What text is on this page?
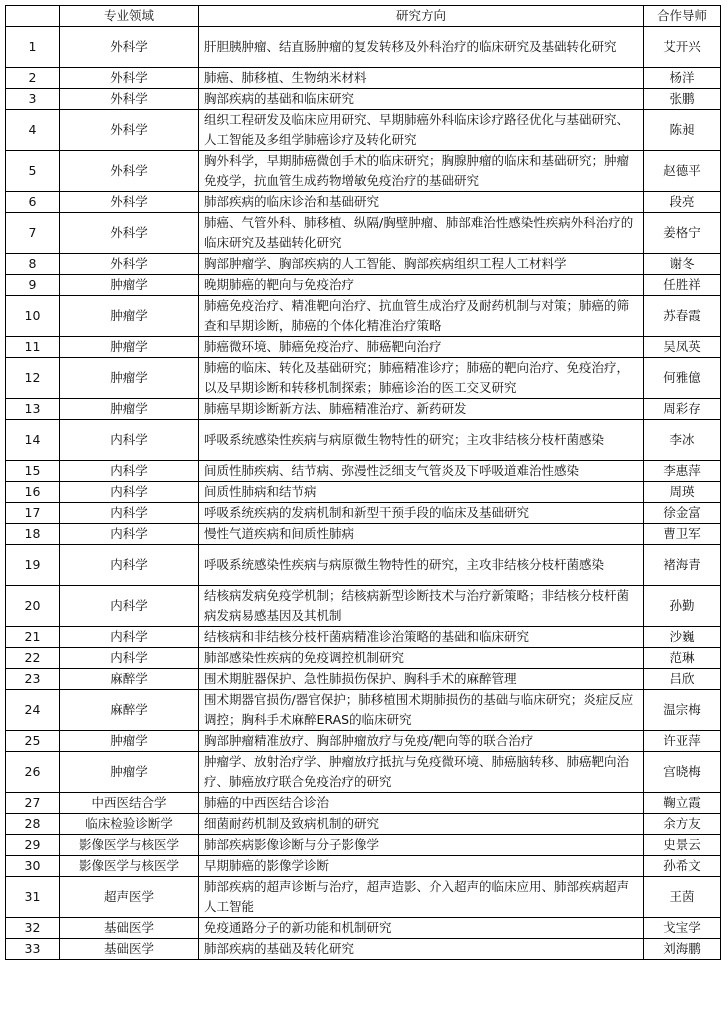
	专业领域	研究方向	合作导师
1	外科学	肝胆胰肿瘤、结直肠肿瘤的复发转移及外科治疗的临床研究及基础转化研究	艾开兴
2	外科学	肺癌、肺移植、生物纳米材料	杨洋
3	外科学	胸部疾病的基础和临床研究	张鹏
4	外科学	组织工程研发及临床应用研究、早期肺癌外科临床诊疗路径优化与基础研究、人工智能及多组学肺癌诊疗及转化研究	陈昶
5	外科学	胸外科学，早期肺癌微创手术的临床研究；胸腺肿瘤的临床和基础研究；肿瘤免疫学，抗血管生成药物增敏免疫治疗的基础研究	赵德平
6	外科学	肺部疾病的临床诊治和基础研究	段亮
7	外科学	肺癌、气管外科、肺移植、纵隔/胸壁肿瘤、肺部难治性感染性疾病外科治疗的临床研究及基础转化研究	姜格宁
8	外科学	胸部肿瘤学、胸部疾病的人工智能、胸部疾病组织工程人工材料学	谢冬
9	肿瘤学	晚期肺癌的靶向与免疫治疗	任胜祥
10	肿瘤学	肺癌免疫治疗、精准靶向治疗、抗血管生成治疗及耐药机制与对策；肺癌的筛查和早期诊断，肺癌的个体化精准治疗策略	苏春霞
11	肿瘤学	肺癌微环境、肺癌免疫治疗、肺癌靶向治疗	吴凤英
12	肿瘤学	肺癌的临床、转化及基础研究；肺癌精准诊疗；肺癌的靶向治疗、免疫治疗，以及早期诊断和转移机制探索；肺癌诊治的医工交叉研究	何雅億
13	肿瘤学	肺癌早期诊断新方法、肺癌精准治疗、新药研发	周彩存
14	内科学	呼吸系统感染性疾病与病原微生物特性的研究；主攻非结核分枝杆菌感染	李冰
15	内科学	间质性肺疾病、结节病、弥漫性泛细支气管炎及下呼吸道难治性感染	李惠萍
16	内科学	间质性肺病和结节病	周瑛
17	内科学	呼吸系统疾病的发病机制和新型干预手段的临床及基础研究	徐金富
18	内科学	慢性气道疾病和间质性肺病	曹卫军
19	内科学	呼吸系统感染性疾病与病原微生物特性的研究，主攻非结核分枝杆菌感染	褚海青
20	内科学	结核病发病免疫学机制；结核病新型诊断技术与治疗新策略；非结核分枝杆菌病发病易感基因及其机制	孙勤
21	内科学	结核病和非结核分枝杆菌病精准诊治策略的基础和临床研究	沙巍
22	内科学	肺部感染性疾病的免疫调控机制研究	范琳
23	麻醉学	围术期脏器保护、急性肺损伤保护、胸科手术的麻醉管理	吕欣
24	麻醉学	围术期器官损伤/器官保护；肺移植围术期肺损伤的基础与临床研究；炎症反应调控；胸科手术麻醉ERAS的临床研究	温宗梅
25	肿瘤学	胸部肿瘤精准放疗、胸部肿瘤放疗与免疫/靶向等的联合治疗	许亚萍
26	肿瘤学	肿瘤学、放射治疗学、肿瘤放疗抵抗与免疫微环境、肺癌脑转移、肺癌靶向治疗、肺癌放疗联合免疫治疗的研究	宫晓梅
27	中西医结合学	肺癌的中西医结合诊治	鞠立霞
28	临床检验诊断学	细菌耐药机制及致病机制的研究	余方友
29	影像医学与核医学	肺部疾病影像诊断与分子影像学	史景云
30	影像医学与核医学	早期肺癌的影像学诊断	孙希文
31	超声医学	肺部疾病的超声诊断与治疗，超声造影、介入超声的临床应用、肺部疾病超声人工智能	王茵
32	基础医学	免疫通路分子的新功能和机制研究	戈宝学
33	基础医学	肺部疾病的基础及转化研究	刘海鹏
